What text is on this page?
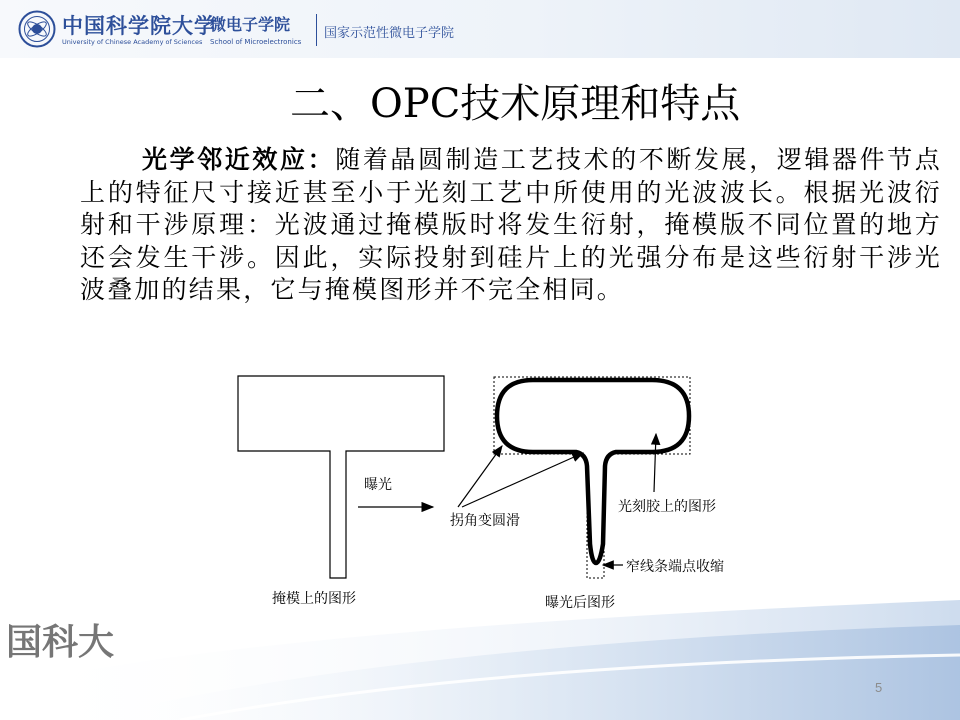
中国科学院大学
University of Chinese Academy of Sciences
微电子学院
School of Microelectronics
国家示范性微电子学院
二、OPC技术原理和特点
光学邻近效应：随着晶圆制造工艺技术的不断发展，逻辑器件节点上的特征尺寸接近甚至小于光刻工艺中所使用的光波波长。根据光波衍射和干涉原理：光波通过掩模版时将发生衍射，掩模版不同位置的地方还会发生干涉。因此，实际投射到硅片上的光强分布是这些衍射干涉光波叠加的结果，它与掩模图形并不完全相同。
曝光
拐角变圆滑
光刻胶上的图形
窄线条端点收缩
掩模上的图形	曝光后图形
国科大
5
